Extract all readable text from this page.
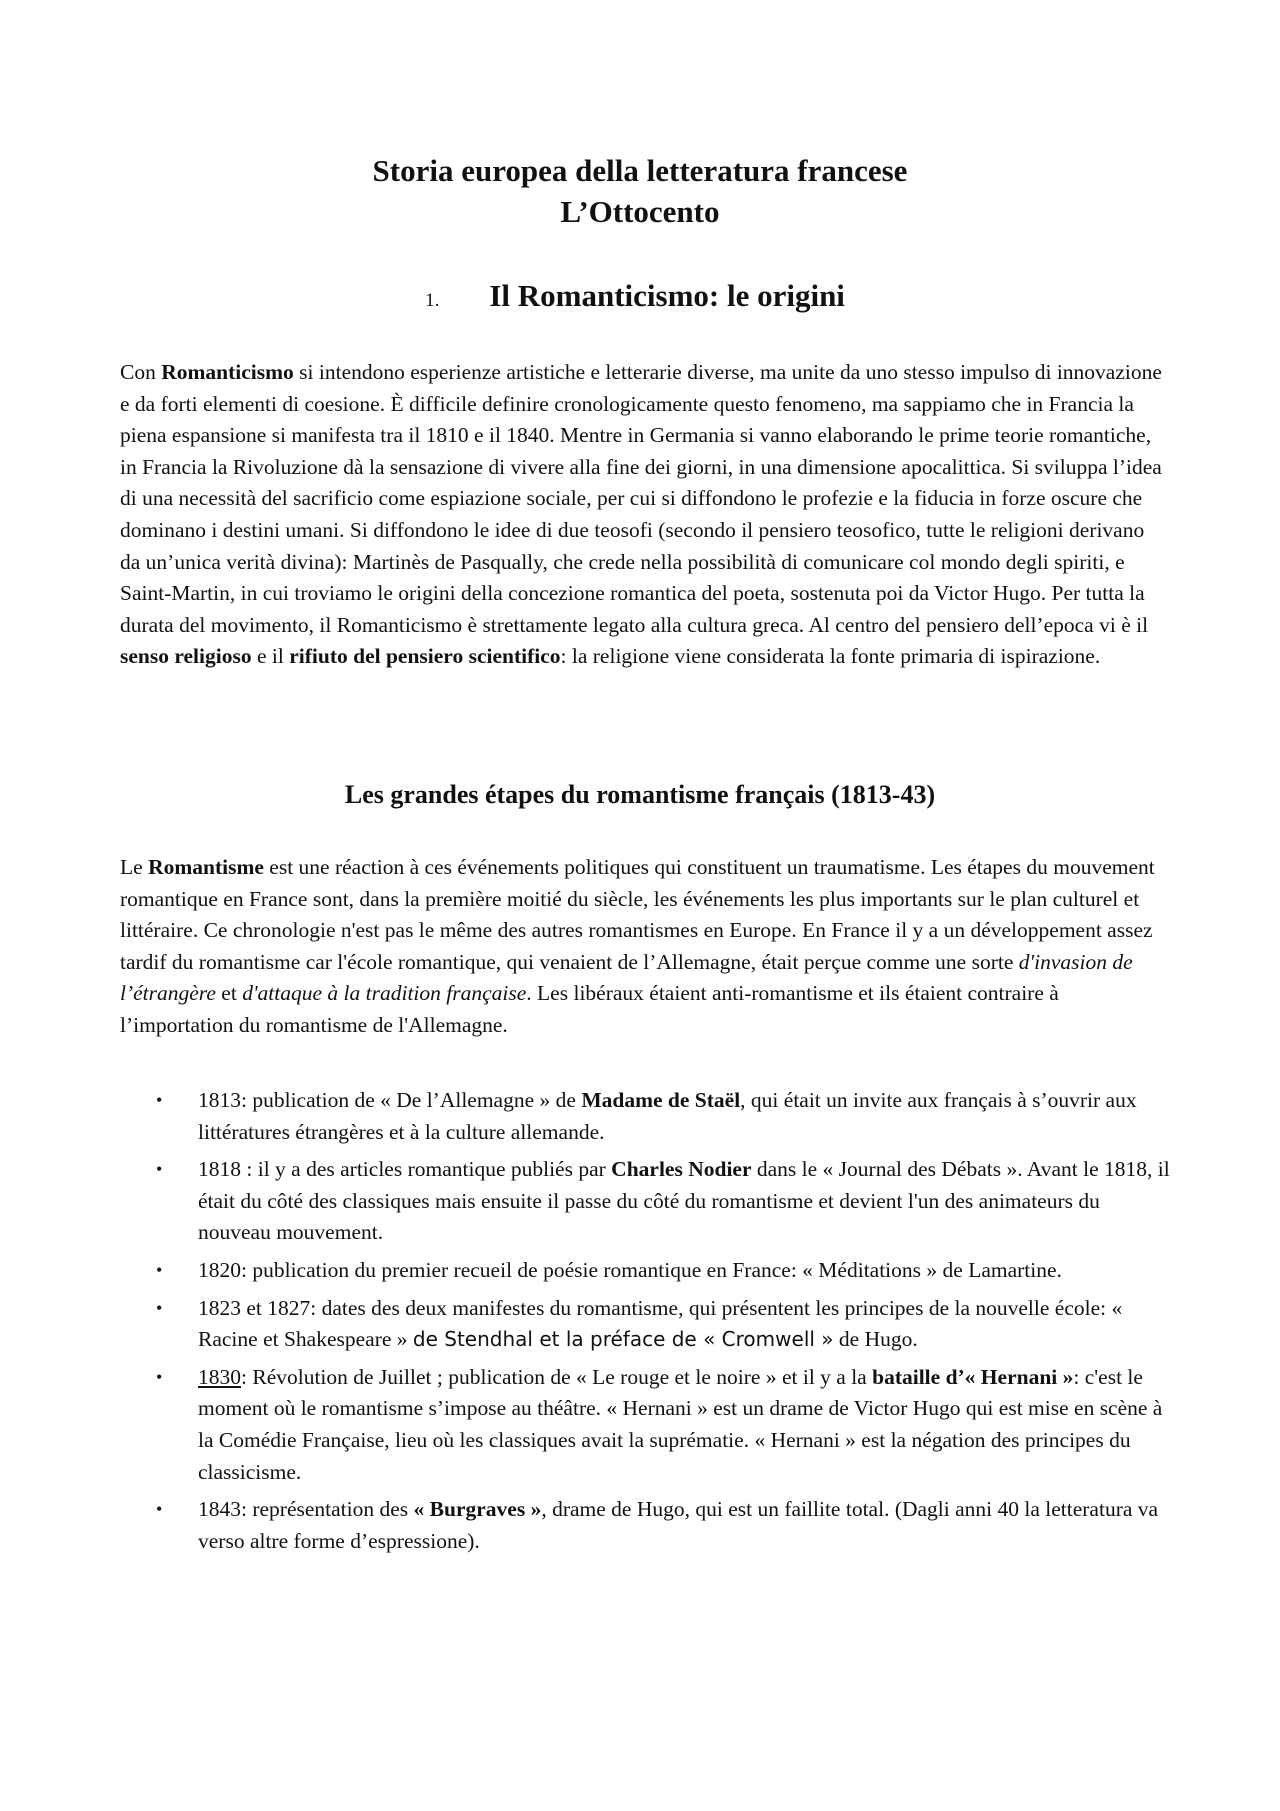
Storia europea della letteratura francese
L’Ottocento
1. Il Romanticismo: le origini

Con Romanticismo si intendono esperienze artistiche e letterarie diverse, ma unite da uno stesso impulso di innovazione e da forti elementi di coesione. È difficile definire cronologicamente questo fenomeno, ma sappiamo che in Francia la piena espansione si manifesta tra il 1810 e il 1840. Mentre in Germania si vanno elaborando le prime teorie romantiche, in Francia la Rivoluzione dà la sensazione di vivere alla fine dei giorni, in una dimensione apocalittica. Si sviluppa l’idea di una necessità del sacrificio come espiazione sociale, per cui si diffondono le profezie e la fiducia in forze oscure che dominano i destini umani. Si diffondono le idee di due teosofi (secondo il pensiero teosofico, tutte le religioni derivano da un’unica verità divina): Martinès de Pasqually, che crede nella possibilità di comunicare col mondo degli spiriti, e Saint-Martin, in cui troviamo le origini della concezione romantica del poeta, sostenuta poi da Victor Hugo. Per tutta la durata del movimento, il Romanticismo è strettamente legato alla cultura greca. Al centro del pensiero dell’epoca vi è il senso religioso e il rifiuto del pensiero scientifico: la religione viene considerata la fonte primaria di ispirazione.

Les grandes étapes du romantisme français (1813-43)

Le Romantisme est une réaction à ces événements politiques qui constituent un traumatisme. Les étapes du mouvement romantique en France sont, dans la première moitié du siècle, les événements les plus importants sur le plan culturel et littéraire. Ce chronologie n'est pas le même des autres romantismes en Europe. En France il y a un développement assez tardif du romantisme car l'école romantique, qui venaient de l’Allemagne, était perçue comme une sorte d'invasion de l’étrangère et d'attaque à la tradition française. Les libéraux étaient anti-romantisme et ils étaient contraire à l’importation du romantisme de l'Allemagne.

• 1813: publication de « De l’Allemagne » de Madame de Staël, qui était un invite aux français à s’ouvrir aux littératures étrangères et à la culture allemande.
• 1818 : il y a des articles romantique publiés par Charles Nodier dans le « Journal des Débats ». Avant le 1818, il était du côté des classiques mais ensuite il passe du côté du romantisme et devient l'un des animateurs du nouveau mouvement.
• 1820: publication du premier recueil de poésie romantique en France: « Méditations » de Lamartine.
• 1823 et 1827: dates des deux manifestes du romantisme, qui présentent les principes de la nouvelle école: « Racine et Shakespeare » de Stendhal et la préface de « Cromwell » de Hugo.
• 1830: Révolution de Juillet ; publication de « Le rouge et le noire » et il y a la bataille d’« Hernani »: c'est le moment où le romantisme s’impose au théâtre. « Hernani » est un drame de Victor Hugo qui est mise en scène à la Comédie Française, lieu où les classiques avait la suprématie. « Hernani » est la négation des principes du classicisme.
• 1843: représentation des « Burgraves », drame de Hugo, qui est un faillite total. (Dagli anni 40 la letteratura va verso altre forme d’espressione).
